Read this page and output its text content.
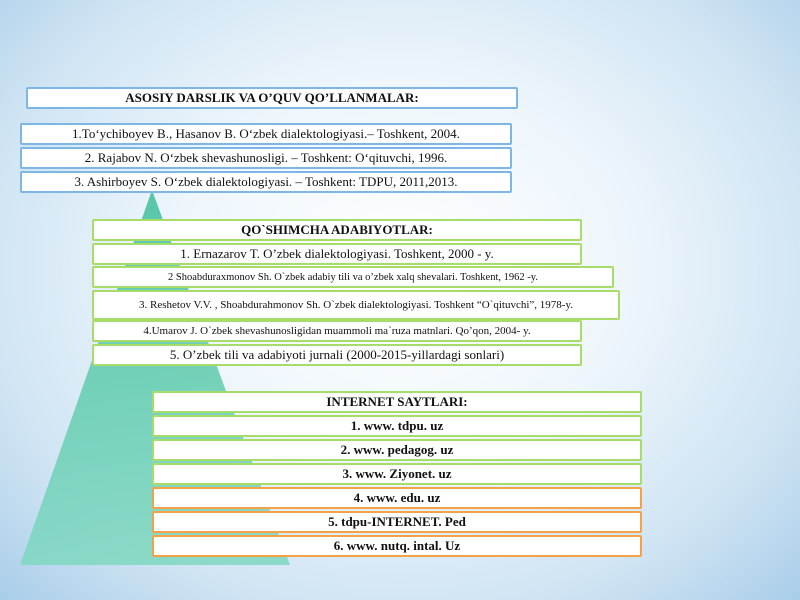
ASOSIY DARSLIK VA O’QUV QO’LLANMALAR:
1.To‘ychiboyev B., Hasanov B. O‘zbek dialektologiyasi.– Toshkent, 2004.
2. Rajabov N. O‘zbek shevashunosligi. – Toshkent: O‘qituvchi, 1996.
3. Ashirboyev S. O‘zbek dialektologiyasi. – Toshkent: TDPU, 2011,2013.
QO`SHIMCHA ADABIYOTLAR:
1. Ernazarov T. O’zbek dialektologiyasi. Toshkent, 2000 - y.
2 Shoabduraxmonov Sh. O`zbek adabiy tili va o’zbek xalq shevalari. Toshkent, 1962 -y.
3. Reshetov V.V. , Shoabdurahmonov Sh. O`zbek dialektologiyasi. Toshkent “O`qituvchi”, 1978-y.
4.Umarov J. O`zbek shevashunosligidan muammoli ma`ruza matnlari. Qo’qon, 2004- y.
5. O’zbek tili va adabiyoti jurnali (2000-2015-yillardagi sonlari)
INTERNET SAYTLARI:
1. www. tdpu. uz
2. www. pedagog. uz
3. www. Ziyonet. uz
4. www. edu. uz
5. tdpu-INTERNET. Ped
6. www. nutq. intal. Uz
